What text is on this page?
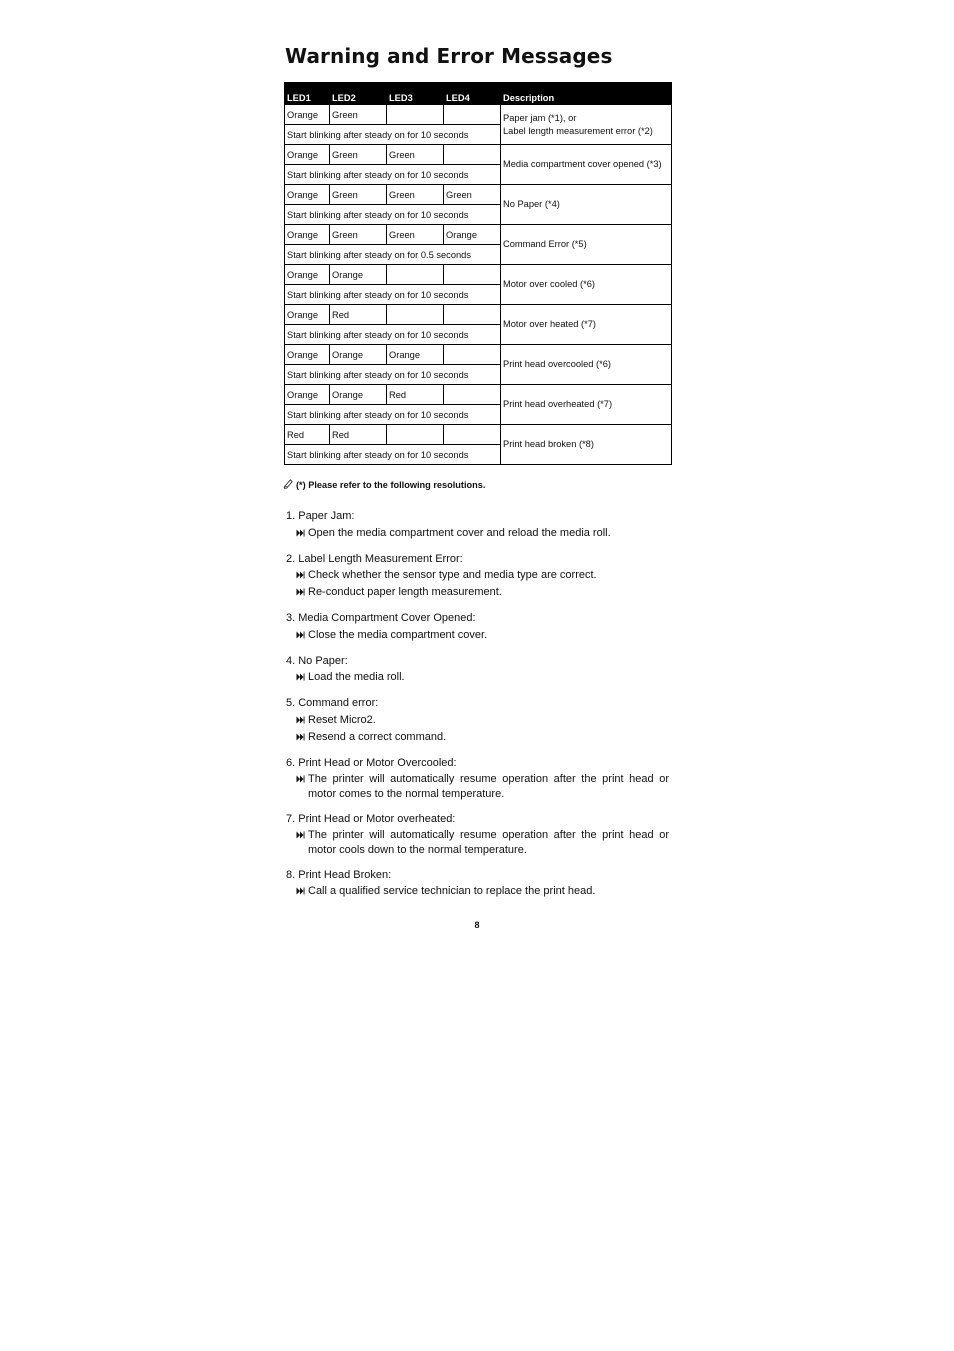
Warning and Error Messages
LED1	LED2	LED3	LED4	Description
Orange	Green			Paper jam (*1), or
Label length measurement error (*2)

Start blinking after steady on for 10 seconds				
Orange	Green	Green		Media compartment cover opened (*3)

Start blinking after steady on for 10 seconds				
Orange	Green	Green	Green	No Paper (*4)

Start blinking after steady on for 10 seconds				
Orange	Green	Green	Orange	Command Error (*5)

Start blinking after steady on for 0.5 seconds				
Orange	Orange			Motor over cooled (*6)

Start blinking after steady on for 10 seconds				
Orange	Red			Motor over heated (*7)

Start blinking after steady on for 10 seconds				
Orange	Orange	Orange		Print head overcooled (*6)

Start blinking after steady on for 10 seconds				
Orange	Orange	Red		Print head overheated (*7)

Start blinking after steady on for 10 seconds				
Red	Red			Print head broken (*8)

Start blinking after steady on for 10 seconds				
(*) Please refer to the following resolutions.
1. Paper Jam:
Open the media compartment cover and reload the media roll.
2. Label Length Measurement Error:
Check whether the sensor type and media type are correct.
Re-conduct paper length measurement.
3. Media Compartment Cover Opened:
Close the media compartment cover.
4. No Paper:
Load the media roll.
5. Command error:
Reset Micro2.
Resend a correct command.
6. Print Head or Motor Overcooled:
The printer will automatically resume operation after the print head or motor comes to the normal temperature.
7. Print Head or Motor overheated:
The printer will automatically resume operation after the print head or motor cools down to the normal temperature.
8. Print Head Broken:
Call a qualified service technician to replace the print head.
8
